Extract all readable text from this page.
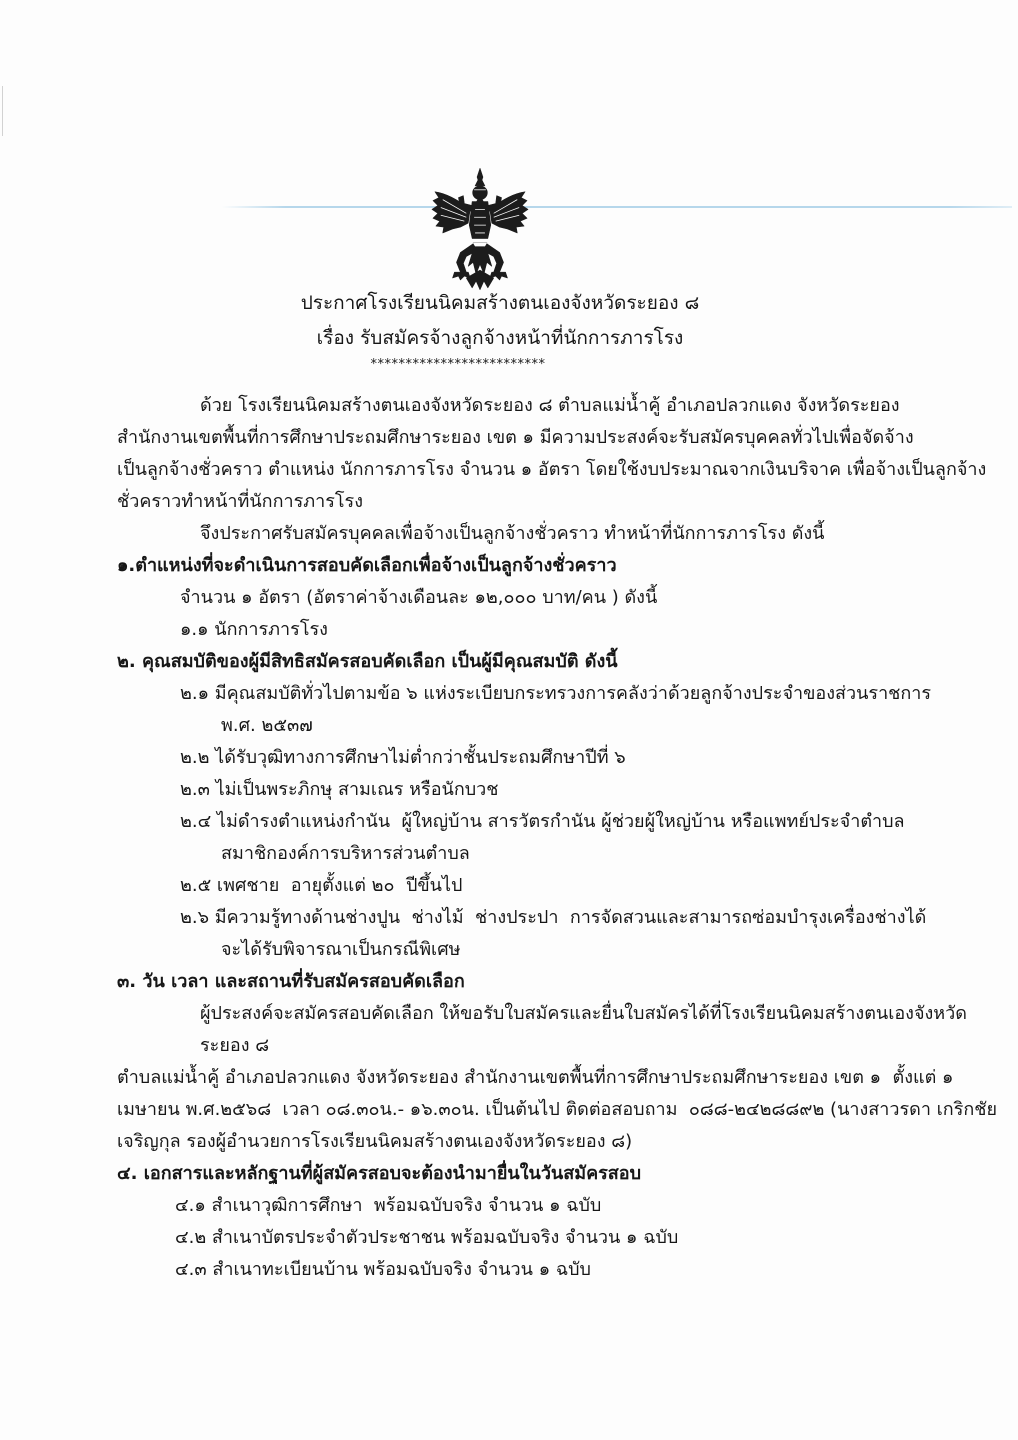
ประกาศโรงเรียนนิคมสร้างตนเองจังหวัดระยอง ๘
เรื่อง รับสมัครจ้างลูกจ้างหน้าที่นักการภารโรง
*************************
ด้วย โรงเรียนนิคมสร้างตนเองจังหวัดระยอง ๘ ตำบลแม่น้ำคู้ อำเภอปลวกแดง จังหวัดระยอง
สำนักงานเขตพื้นที่การศึกษาประถมศึกษาระยอง เขต ๑ มีความประสงค์จะรับสมัครบุคคลทั่วไปเพื่อจัดจ้าง
เป็นลูกจ้างชั่วคราว ตำแหน่ง นักการภารโรง จำนวน ๑ อัตรา โดยใช้งบประมาณจากเงินบริจาค เพื่อจ้างเป็นลูกจ้าง
ชั่วคราวทำหน้าที่นักการภารโรง
จึงประกาศรับสมัครบุคคลเพื่อจ้างเป็นลูกจ้างชั่วคราว ทำหน้าที่นักการภารโรง ดังนี้
๑.ตำแหน่งที่จะดำเนินการสอบคัดเลือกเพื่อจ้างเป็นลูกจ้างชั่วคราว
จำนวน ๑ อัตรา (อัตราค่าจ้างเดือนละ ๑๒,๐๐๐ บาท/คน ) ดังนี้
๑.๑ นักการภารโรง
๒. คุณสมบัติของผู้มีสิทธิสมัครสอบคัดเลือก เป็นผู้มีคุณสมบัติ ดังนี้
๒.๑ มีคุณสมบัติทั่วไปตามข้อ ๖ แห่งระเบียบกระทรวงการคลังว่าด้วยลูกจ้างประจำของส่วนราชการ
พ.ศ. ๒๕๓๗
๒.๒ ได้รับวุฒิทางการศึกษาไม่ต่ำกว่าชั้นประถมศึกษาปีที่ ๖
๒.๓ ไม่เป็นพระภิกษุ สามเณร หรือนักบวช
๒.๔ ไม่ดำรงตำแหน่งกำนัน  ผู้ใหญ่บ้าน สารวัตรกำนัน ผู้ช่วยผู้ใหญ่บ้าน หรือแพทย์ประจำตำบล
สมาชิกองค์การบริหารส่วนตำบล
๒.๕ เพศชาย  อายุตั้งแต่ ๒๐  ปีขึ้นไป
๒.๖ มีความรู้ทางด้านช่างปูน  ช่างไม้  ช่างประปา  การจัดสวนและสามารถซ่อมบำรุงเครื่องช่างได้
จะได้รับพิจารณาเป็นกรณีพิเศษ
๓. วัน เวลา และสถานที่รับสมัครสอบคัดเลือก
ผู้ประสงค์จะสมัครสอบคัดเลือก ให้ขอรับใบสมัครและยื่นใบสมัครได้ที่โรงเรียนนิคมสร้างตนเองจังหวัดระยอง ๘
ตำบลแม่น้ำคู้ อำเภอปลวกแดง จังหวัดระยอง สำนักงานเขตพื้นที่การศึกษาประถมศึกษาระยอง เขต ๑  ตั้งแต่ ๑
เมษายน พ.ศ.๒๕๖๘  เวลา ๐๘.๓๐น.- ๑๖.๓๐น. เป็นต้นไป ติดต่อสอบถาม  ๐๘๘-๒๔๒๘๘๙๒ (นางสาวรดา เกริกชัย
เจริญกุล รองผู้อำนวยการโรงเรียนนิคมสร้างตนเองจังหวัดระยอง ๘)
๔. เอกสารและหลักฐานที่ผู้สมัครสอบจะต้องนำมายื่นในวันสมัครสอบ
๔.๑ สำเนาวุฒิการศึกษา  พร้อมฉบับจริง จำนวน ๑ ฉบับ
๔.๒ สำเนาบัตรประจำตัวประชาชน พร้อมฉบับจริง จำนวน ๑ ฉบับ
๔.๓ สำเนาทะเบียนบ้าน พร้อมฉบับจริง จำนวน ๑ ฉบับ
